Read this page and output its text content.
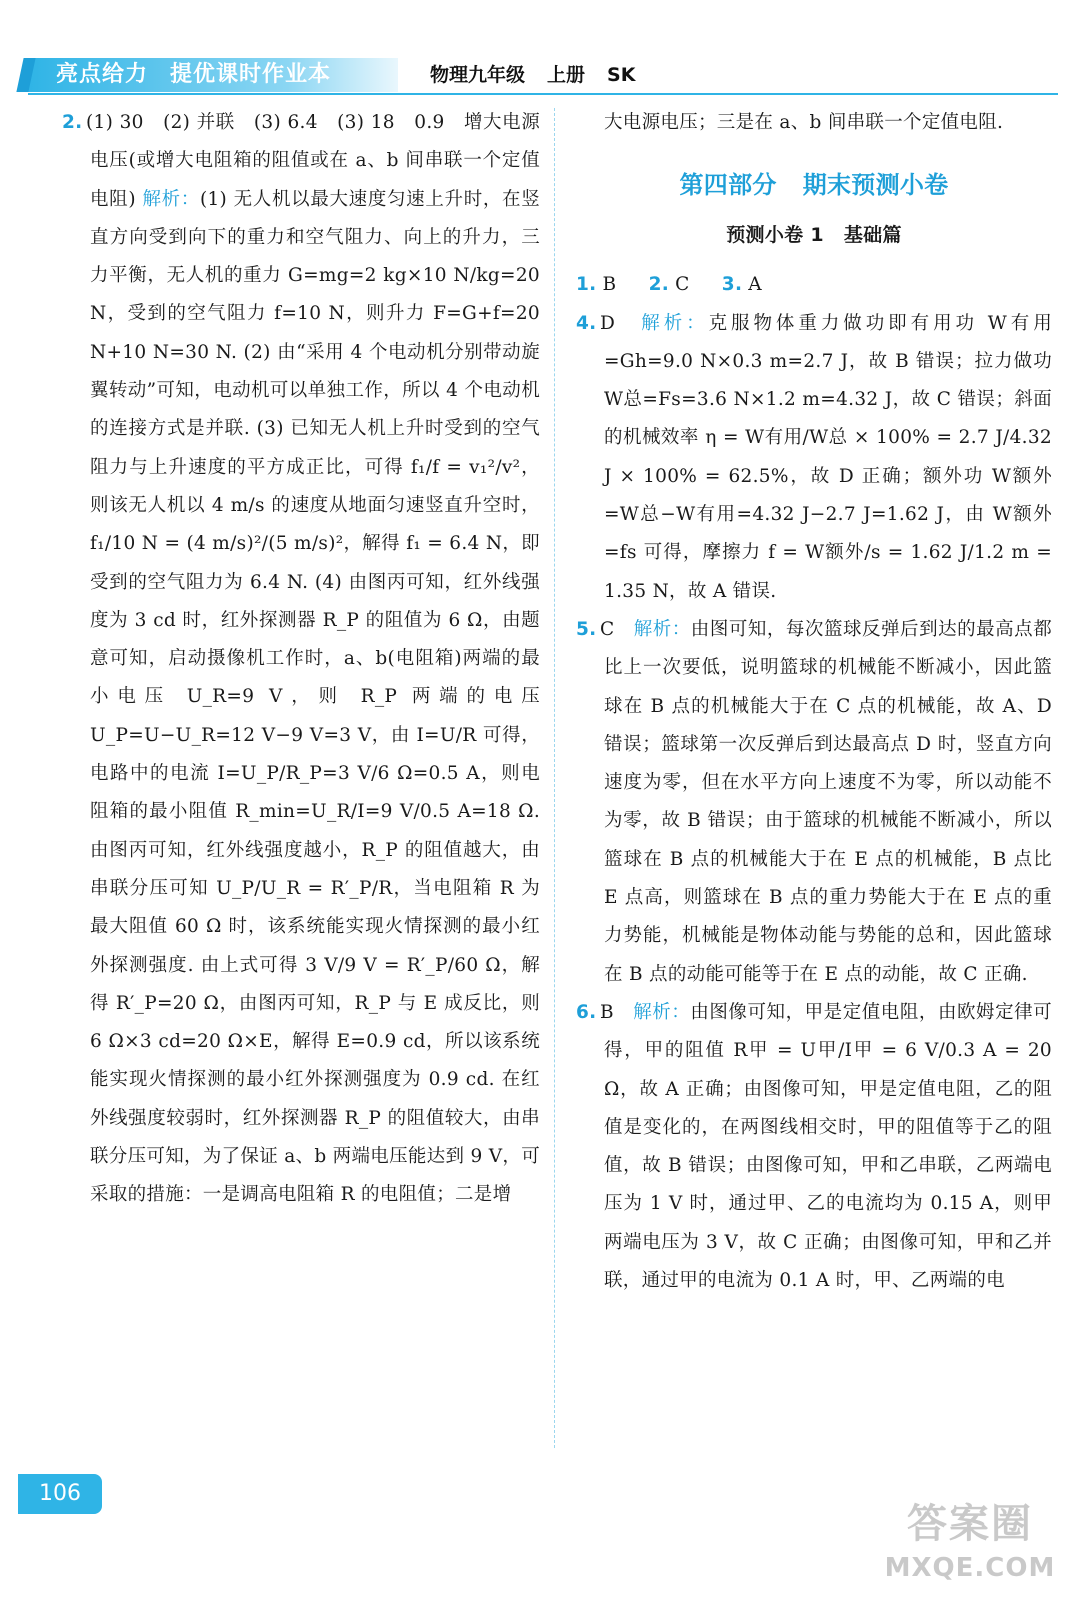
亮点给力 提优课时作业本	物理九年级 上册 SK
2. (1) 30　(2) 并联　(3) 6.4　(3) 18　0.9　增大电源电压(或增大电阻箱的阻值或在 a、b 间串联一个定值电阻) 解析：(1) 无人机以最大速度匀速上升时，在竖直方向受到向下的重力和空气阻力、向上的升力，三力平衡，无人机的重力 G=mg=2 kg×10 N/kg=20 N，受到的空气阻力 f=10 N，则升力 F=G+f=20 N+10 N=30 N. (2) 由“采用 4 个电动机分别带动旋翼转动”可知，电动机可以单独工作，所以 4 个电动机的连接方式是并联. (3) 已知无人机上升时受到的空气阻力与上升速度的平方成正比，可得 f₁/f = v₁²/v²，则该无人机以 4 m/s 的速度从地面匀速竖直升空时，f₁/10 N = (4 m/s)²/(5 m/s)²，解得 f₁ = 6.4 N，即受到的空气阻力为 6.4 N. (4) 由图丙可知，红外线强度为 3 cd 时，红外探测器 R_P 的阻值为 6 Ω，由题意可知，启动摄像机工作时，a、b(电阻箱)两端的最小电压 U_R=9 V，则 R_P 两端的电压 U_P=U−U_R=12 V−9 V=3 V，由 I=U/R 可得，电路中的电流 I=U_P/R_P=3 V/6 Ω=0.5 A，则电阻箱的最小阻值 R_min=U_R/I=9 V/0.5 A=18 Ω. 由图丙可知，红外线强度越小，R_P 的阻值越大，由串联分压可知 U_P/U_R = R′_P/R，当电阻箱 R 为最大阻值 60 Ω 时，该系统能实现火情探测的最小红外探测强度. 由上式可得 3 V/9 V = R′_P/60 Ω，解得 R′_P=20 Ω，由图丙可知，R_P 与 E 成反比，则 6 Ω×3 cd=20 Ω×E，解得 E=0.9 cd，所以该系统能实现火情探测的最小红外探测强度为 0.9 cd. 在红外线强度较弱时，红外探测器 R_P 的阻值较大，由串联分压可知，为了保证 a、b 两端电压能达到 9 V，可采取的措施：一是调高电阻箱 R 的电阻值；二是增

大电源电压；三是在 a、b 间串联一个定值电阻.

第四部分 期末预测小卷
预测小卷 1 基础篇
1. B 2. C 3. A
4. D　 解析：克服物体重力做功即有用功 W有用=Gh=9.0 N×0.3 m=2.7 J，故 B 错误；拉力做功 W总=Fs=3.6 N×1.2 m=4.32 J，故 C 错误；斜面的机械效率 η = W有用/W总 × 100% = 2.7 J/4.32 J × 100% = 62.5%，故 D 正确；额外功 W额外=W总−W有用=4.32 J−2.7 J=1.62 J，由 W额外=fs 可得，摩擦力 f = W额外/s = 1.62 J/1.2 m = 1.35 N，故 A 错误.
5. C　 解析：由图可知，每次篮球反弹后到达的最高点都比上一次要低，说明篮球的机械能不断减小，因此篮球在 B 点的机械能大于在 C 点的机械能，故 A、D 错误；篮球第一次反弹后到达最高点 D 时，竖直方向速度为零，但在水平方向上速度不为零，所以动能不为零，故 B 错误；由于篮球的机械能不断减小，所以篮球在 B 点的机械能大于在 E 点的机械能，B 点比 E 点高，则篮球在 B 点的重力势能大于在 E 点的重力势能，机械能是物体动能与势能的总和，因此篮球在 B 点的动能可能等于在 E 点的动能，故 C 正确.
6. B　 解析：由图像可知，甲是定值电阻，由欧姆定律可得，甲的阻值 R甲 = U甲/I甲 = 6 V/0.3 A = 20 Ω，故 A 正确；由图像可知，甲是定值电阻，乙的阻值是变化的，在两图线相交时，甲的阻值等于乙的阻值，故 B 错误；由图像可知，甲和乙串联，乙两端电压为 1 V 时，通过甲、乙的电流均为 0.15 A，则甲两端电压为 3 V，故 C 正确；由图像可知，甲和乙并联，通过甲的电流为 0.1 A 时，甲、乙两端的电
106
答案圈
MXQE.COM
